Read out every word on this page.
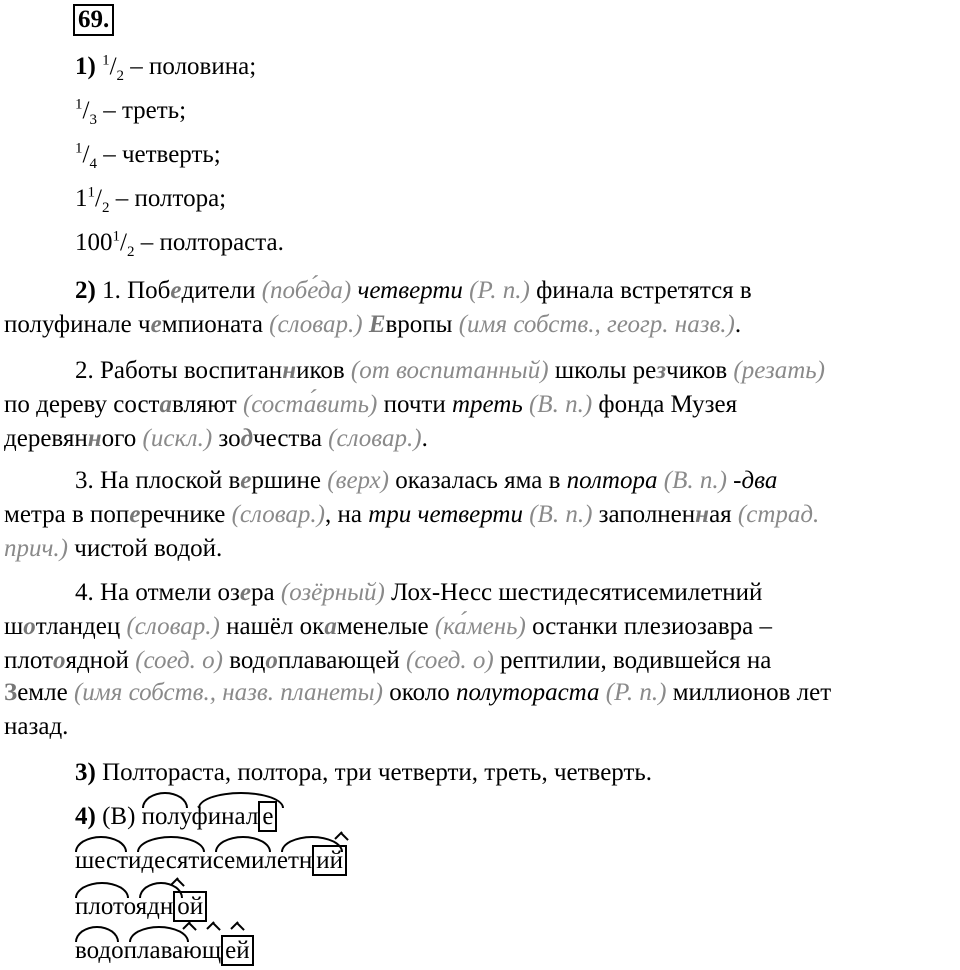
69.
1) $^1/_2$ – половина;
$^1/_3$ – треть;
$^1/_4$ – четверть;
$1^1/_2$ – полтора;
$100^1/_2$ – полтораста.
2) 1. Победители (побе́да) четверти (Р. п.) финала встретятся в
полуфинале чемпионата (словар.) Европы (имя собств., геогр. назв.).
2. Работы воспитанников (от воспитанный) школы резчиков (резать)
по дереву составляют (соста́вить) почти треть (В. п.) фонда Музея
деревянного (искл.) зодчества (словар.).
3. На плоской вершине (верх) оказалась яма в полтора (В. п.) -два
метра в поперечнике (словар.), на три четверти (В. п.) заполненная (страд.
прич.) чистой водой.
4. На отмели озера (озёрный) Лох-Несс шестидесятисемилетний
шотландец (словар.) нашёл окаменелые (ка́мень) останки плезиозавра –
плотоядной (соед. о) водоплавающей (соед. о) рептилии, водившейся на
Земле (имя собств., назв. планеты) около полутораста (Р. п.) миллионов лет
назад.
3) Полтораста, полтора, три четверти, треть, четверть.
4) (В)
полуфинал е
шестидесятисемилетн ий
плотоядн ой
водоплавающ ей
